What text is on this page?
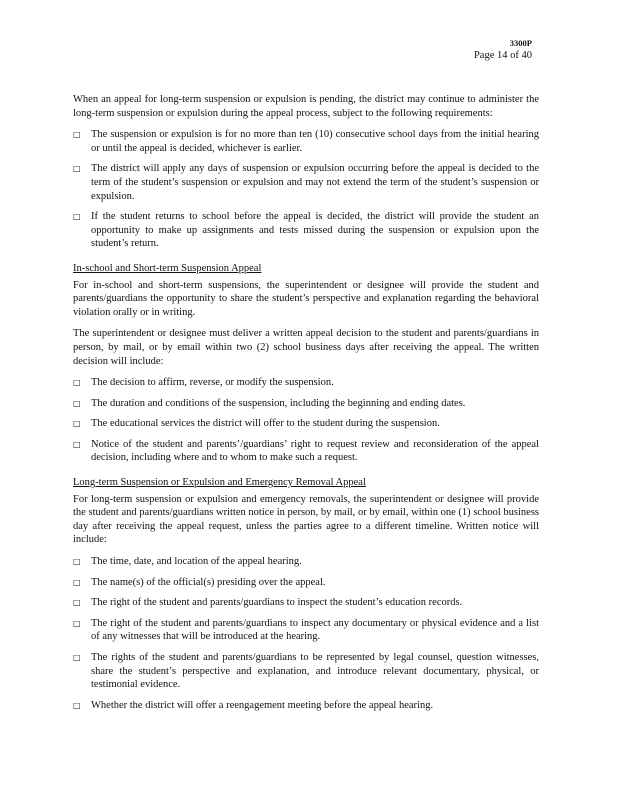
3300P
Page 14 of 40

When an appeal for long-term suspension or expulsion is pending, the district may continue to administer the long-term suspension or expulsion during the appeal process, subject to the following requirements:

□ The suspension or expulsion is for no more than ten (10) consecutive school days from the initial hearing or until the appeal is decided, whichever is earlier.
□ The district will apply any days of suspension or expulsion occurring before the appeal is decided to the term of the student’s suspension or expulsion and may not extend the term of the student’s suspension or expulsion.
□ If the student returns to school before the appeal is decided, the district will provide the student an opportunity to make up assignments and tests missed during the suspension or expulsion upon the student’s return.
In-school and Short-term Suspension Appeal

For in-school and short-term suspensions, the superintendent or designee will provide the student and parents/guardians the opportunity to share the student’s perspective and explanation regarding the behavioral violation orally or in writing.

The superintendent or designee must deliver a written appeal decision to the student and parents/guardians in person, by mail, or by email within two (2) school business days after receiving the appeal. The written decision will include:

□ The decision to affirm, reverse, or modify the suspension.
□ The duration and conditions of the suspension, including the beginning and ending dates.
□ The educational services the district will offer to the student during the suspension.
□ Notice of the student and parents’/guardians’ right to request review and reconsideration of the appeal decision, including where and to whom to make such a request.
Long-term Suspension or Expulsion and Emergency Removal Appeal

For long-term suspension or expulsion and emergency removals, the superintendent or designee will provide the student and parents/guardians written notice in person, by mail, or by email, within one (1) school business day after receiving the appeal request, unless the parties agree to a different timeline. Written notice will include:

□ The time, date, and location of the appeal hearing.
□ The name(s) of the official(s) presiding over the appeal.
□ The right of the student and parents/guardians to inspect the student’s education records.
□ The right of the student and parents/guardians to inspect any documentary or physical evidence and a list of any witnesses that will be introduced at the hearing.
□ The rights of the student and parents/guardians to be represented by legal counsel, question witnesses, share the student’s perspective and explanation, and introduce relevant documentary, physical, or testimonial evidence.
□ Whether the district will offer a reengagement meeting before the appeal hearing.
